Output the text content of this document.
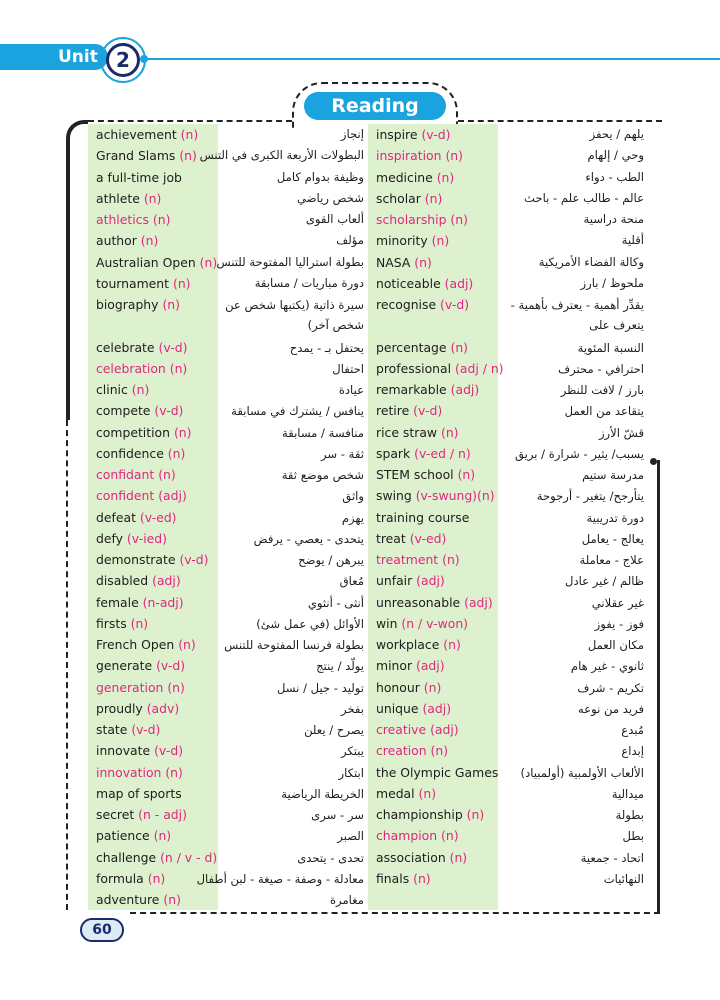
Unit 2
Reading
achievement (n)
Grand Slams (n)
a full-time job
athlete (n)
athletics (n)
author (n)
Australian Open (n)
tournament (n)
biography (n)
celebrate (v-d)
celebration (n)
clinic (n)
compete (v-d)
competition (n)
confidence (n)
confidant (n)
confident (adj)
defeat (v-ed)
defy (v-ied)
demonstrate (v-d)
disabled (adj)
female (n-adj)
firsts (n)
French Open (n)
generate (v-d)
generation (n)
proudly (adv)
state (v-d)
innovate (v-d)
innovation (n)
map of sports
secret (n - adj)
patience (n)
challenge (n / v - d)
formula (n)
adventure (n)
إنجاز
البطولات الأربعة الكبرى في التنس
وظيفة بدوام كامل
شخص رياضي
ألعاب القوى
مؤلف
بطولة استراليا المفتوحة للتنس
دورة مباريات / مسابقة
سيرة ذاتية (يكتبها شخص عن شخص آخر)
يحتفل بـ - يمدح
احتفال
عيادة
ينافس / يشترك في مسابقة
منافسة / مسابقة
ثقة - سر
شخص موضع ثقة
واثق
يهزم
يتحدى - يعصي - يرفض
يبرهن / يوضح
مُعاق
أنثى - أنثوي
الأوائل (في عمل شئ)
بطولة فرنسا المفتوحة للتنس
يولّد / ينتج
توليد - جيل / نسل
بفخر
يصرح / يعلن
يبتكر
ابتكار
الخريطة الرياضية
سر - سرى
الصبر
تحدى - يتحدى
معادلة - وصفة - صيغة - لبن أطفال
مغامرة
inspire (v-d)
inspiration (n)
medicine (n)
scholar (n)
scholarship (n)
minority (n)
NASA (n)
noticeable (adj)
recognise (v-d)
percentage (n)
professional (adj / n)
remarkable (adj)
retire (v-d)
rice straw (n)
spark (v-ed / n)
STEM school (n)
swing (v-swung)(n)
training course
treat (v-ed)
treatment (n)
unfair (adj)
unreasonable (adj)
win (n / v-won)
workplace (n)
minor (adj)
honour (n)
unique (adj)
creative (adj)
creation (n)
the Olympic Games
medal (n)
championship (n)
champion (n)
association (n)
finals (n)
يلهم / يحفز
وحي / إلهام
الطب - دواء
عالم - طالب علم - باحث
منحة دراسية
أقلية
وكالة الفضاء الأمريكية
ملحوظ / بارز
يقدِّر أهمية - يعترف بأهمية - يتعرف على
النسبة المئوية
احترافي - محترف
بارز / لافت للنظر
يتقاعد من العمل
قشّ الأرز
يسبب/ يثير - شرارة / بريق
مدرسة ستيم
يتأرجح/ يتغير - أرجوحة
دورة تدريبية
يعالج - يعامل
علاج - معاملة
ظالم / غير عادل
غير عقلاني
فوز - يفوز
مكان العمل
ثانوي - غير هام
تكريم - شرف
فريد من نوعه
مُبدع
إبداع
الألعاب الأولمبية (أولمبياد)
ميدالية
بطولة
بطل
اتحاد - جمعية
النهائيات
60
